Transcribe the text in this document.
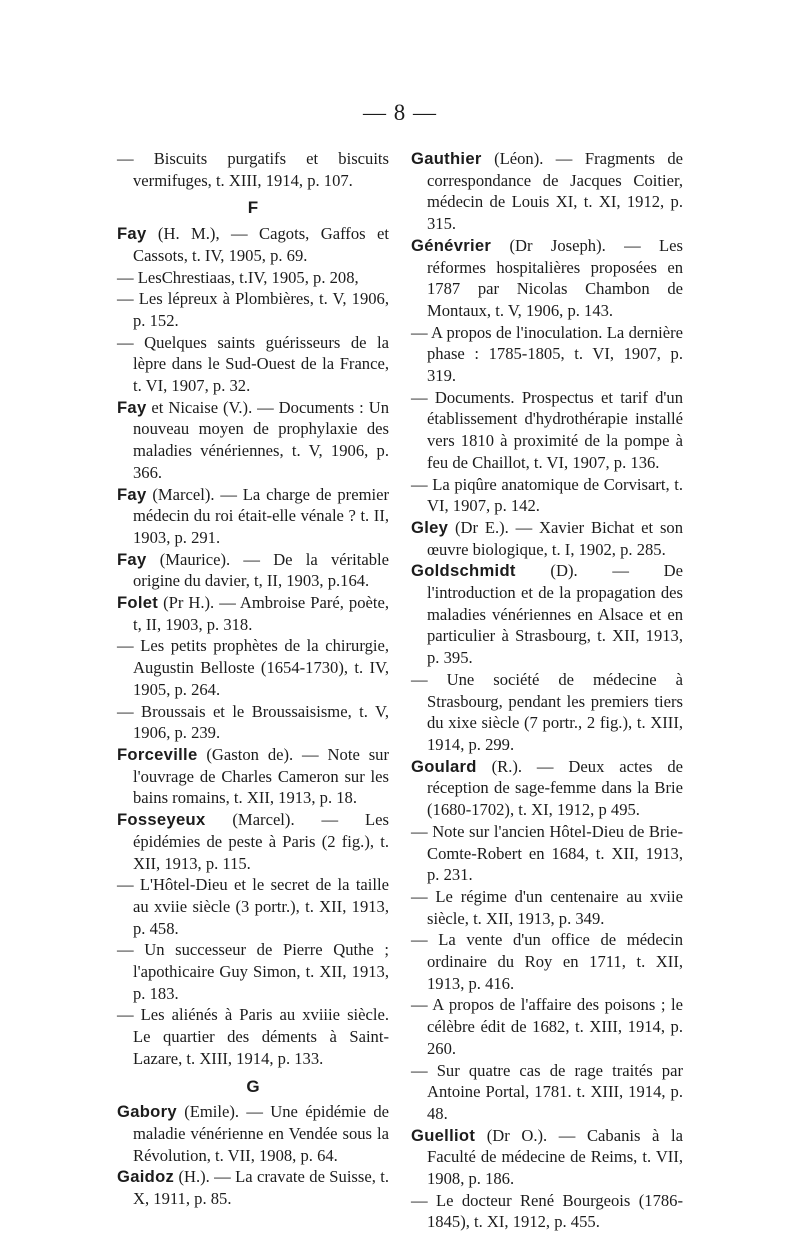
— 8 —
— Biscuits purgatifs et biscuits vermifuges, t. XIII, 1914, p. 107.
F
Fay (H. M.), — Cagots, Gaffos et Cassots, t. IV, 1905, p. 69.
— LesChrestiaas, t.IV, 1905, p. 208,
— Les lépreux à Plombières, t. V, 1906, p. 152.
— Quelques saints guérisseurs de la lèpre dans le Sud-Ouest de la France, t. VI, 1907, p. 32.
Fay et Nicaise (V.). — Documents : Un nouveau moyen de prophylaxie des maladies vénériennes, t. V, 1906, p. 366.
Fay (Marcel). — La charge de premier médecin du roi était-elle vénale ? t. II, 1903, p. 291.
Fay (Maurice). — De la véritable origine du davier, t, II, 1903, p.164.
Folet (Pr H.). — Ambroise Paré, poète, t, II, 1903, p. 318.
— Les petits prophètes de la chirurgie, Augustin Belloste (1654-1730), t. IV, 1905, p. 264.
— Broussais et le Broussaisisme, t. V, 1906, p. 239.
Forceville (Gaston de). — Note sur l'ouvrage de Charles Cameron sur les bains romains, t. XII, 1913, p. 18.
Fosseyeux (Marcel). — Les épidémies de peste à Paris (2 fig.), t. XII, 1913, p. 115.
— L'Hôtel-Dieu et le secret de la taille au xviie siècle (3 portr.), t. XII, 1913, p. 458.
— Un successeur de Pierre Quthe ; l'apothicaire Guy Simon, t. XII, 1913, p. 183.
— Les aliénés à Paris au xviiie siècle. Le quartier des déments à Saint-Lazare, t. XIII, 1914, p. 133.
G
Gabory (Emile). — Une épidémie de maladie vénérienne en Vendée sous la Révolution, t. VII, 1908, p. 64.
Gaidoz (H.). — La cravate de Suisse, t. X, 1911, p. 85.
Gauthier (Léon). — Fragments de correspondance de Jacques Coitier, médecin de Louis XI, t. XI, 1912, p. 315.
Génévrier (Dr Joseph). — Les réformes hospitalières proposées en 1787 par Nicolas Chambon de Montaux, t. V, 1906, p. 143.
— A propos de l'inoculation. La dernière phase : 1785-1805, t. VI, 1907, p. 319.
— Documents. Prospectus et tarif d'un établissement d'hydrothérapie installé vers 1810 à proximité de la pompe à feu de Chaillot, t. VI, 1907, p. 136.
— La piqûre anatomique de Corvisart, t. VI, 1907, p. 142.
Gley (Dr E.). — Xavier Bichat et son œuvre biologique, t. I, 1902, p. 285.
Goldschmidt (D). — De l'introduction et de la propagation des maladies vénériennes en Alsace et en particulier à Strasbourg, t. XII, 1913, p. 395.
— Une société de médecine à Strasbourg, pendant les premiers tiers du xixe siècle (7 portr., 2 fig.), t. XIII, 1914, p. 299.
Goulard (R.). — Deux actes de réception de sage-femme dans la Brie (1680-1702), t. XI, 1912, p 495.
— Note sur l'ancien Hôtel-Dieu de Brie-Comte-Robert en 1684, t. XII, 1913, p. 231.
— Le régime d'un centenaire au xviie siècle, t. XII, 1913, p. 349.
— La vente d'un office de médecin ordinaire du Roy en 1711, t. XII, 1913, p. 416.
— A propos de l'affaire des poisons ; le célèbre édit de 1682, t. XIII, 1914, p. 260.
— Sur quatre cas de rage traités par Antoine Portal, 1781. t. XIII, 1914, p. 48.
Guelliot (Dr O.). — Cabanis à la Faculté de médecine de Reims, t. VII, 1908, p. 186.
— Le docteur René Bourgeois (1786-1845), t. XI, 1912, p. 455.
